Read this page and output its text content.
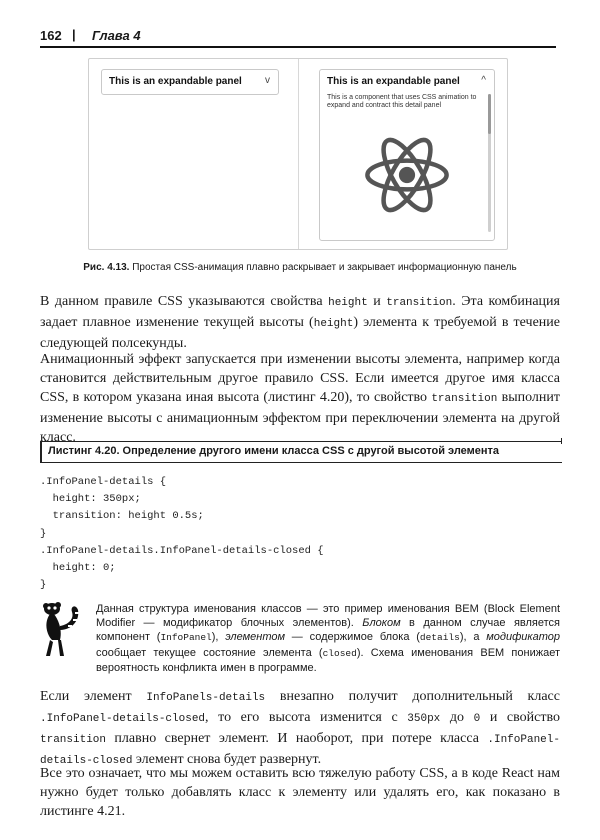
162 | Глава 4
This is an expandable panel v	This is an expandable panel ^
This is a component that uses CSS animation to expand and contract this detail panel
Рис. 4.13. Простая CSS-анимация плавно раскрывает и закрывает информационную панель
В данном правиле CSS указываются свойства height и transition. Эта комбинация задает плавное изменение текущей высоты (height) элемента к требуемой в течение следующей полсекунды.
Анимационный эффект запускается при изменении высоты элемента, например когда становится действительным другое правило CSS. Если имеется другое имя класса CSS, в котором указана иная высота (листинг 4.20), то свойство transition выполнит изменение высоты с анимационным эффектом при переключении элемента на другой класс.
Листинг 4.20. Определение другого имени класса CSS с другой высотой элемента
.InfoPanel-details {
height: 350px;
transition: height 0.5s;
}
.InfoPanel-details.InfoPanel-details-closed {
height: 0;
}
Данная структура именования классов — это пример именования BEM (Block Element Modifier — модификатор блочных элементов). Блоком в данном случае является компонент (InfoPanel), элементом — содержимое блока (details), а модификатор сообщает текущее состояние элемента (closed). Схема именования BEM понижает вероятность конфликта имен в программе.
Если элемент InfoPanels-details внезапно получит дополнительный класс .InfoPanel-details-closed, то его высота изменится с 350px до 0 и свойство transition плавно свернет элемент. И наоборот, при потере класса .InfoPanel-details-closed элемент снова будет развернут.
Все это означает, что мы можем оставить всю тяжелую работу CSS, а в коде React нам нужно будет только добавлять класс к элементу или удалять его, как показано в листинге 4.21.
